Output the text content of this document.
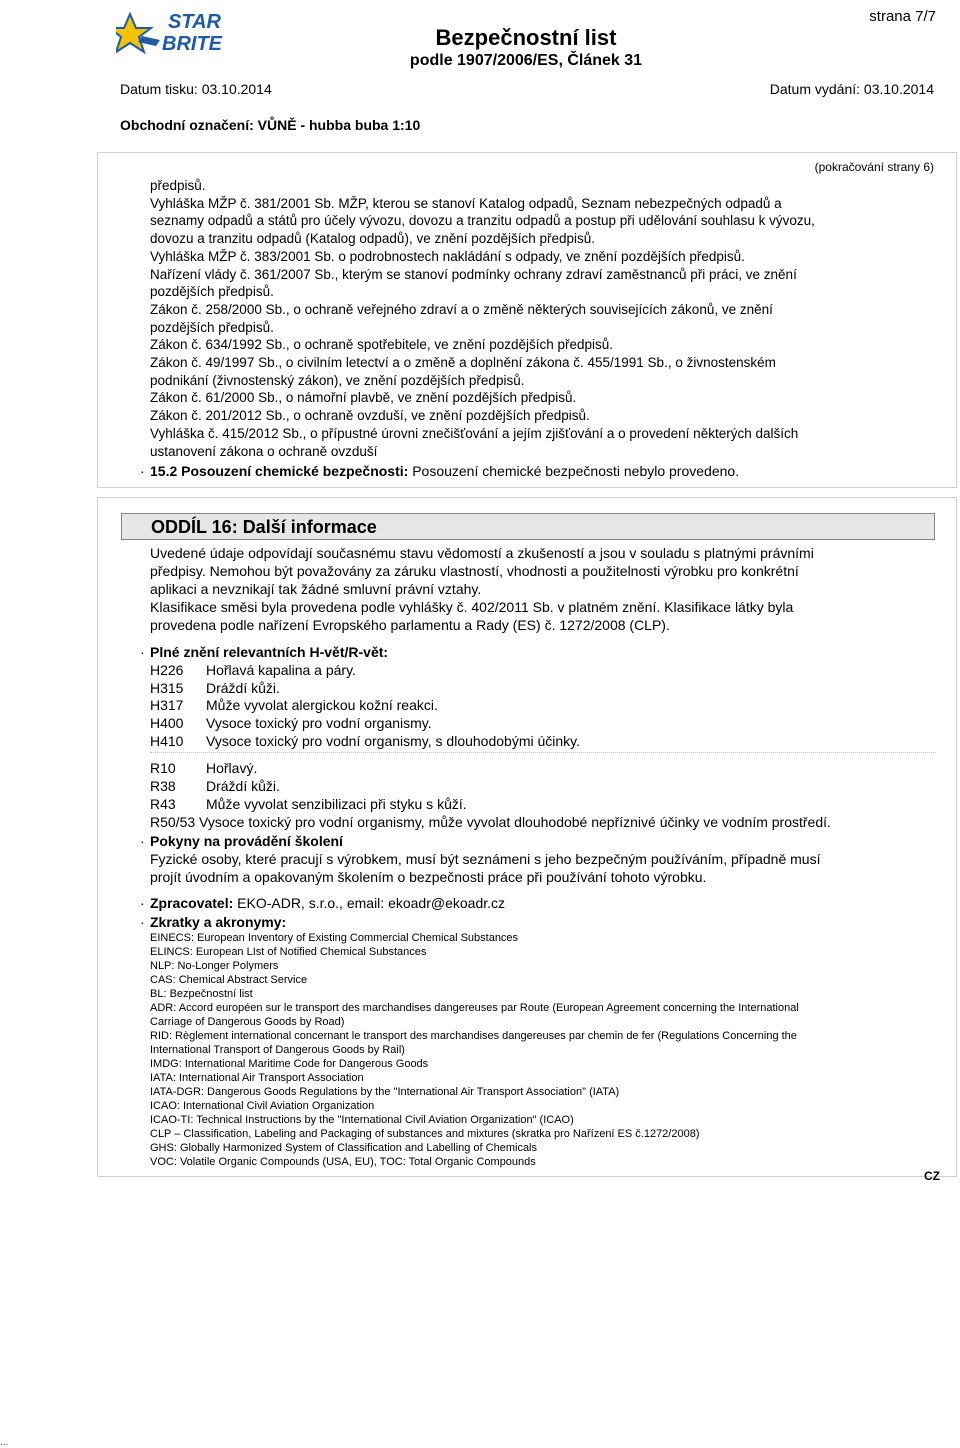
STAR
BRITE
strana 7/7
Bezpečnostní list
podle 1907/2006/ES, Článek 31
Datum tisku: 03.10.2014	Datum vydání: 03.10.2014
Obchodní označení: VŮNĚ - hubba buba 1:10
(pokračování strany 6)
předpisů.
Vyhláška MŽP č. 381/2001 Sb. MŽP, kterou se stanoví Katalog odpadů, Seznam nebezpečných odpadů a
seznamy odpadů a států pro účely vývozu, dovozu a tranzitu odpadů a postup při udělování souhlasu k vývozu,
dovozu a tranzitu odpadů (Katalog odpadů), ve znění pozdějších předpisů.
Vyhláška MŽP č. 383/2001 Sb. o podrobnostech nakládání s odpady, ve znění pozdějších předpisů.
Nařízení vlády č. 361/2007 Sb., kterým se stanoví podmínky ochrany zdraví zaměstnanců při práci, ve znění
pozdějších předpisů.
Zákon č. 258/2000 Sb., o ochraně veřejného zdraví a o změně některých souvisejících zákonů, ve znění
pozdějších předpisů.
Zákon č. 634/1992 Sb., o ochraně spotřebitele, ve znění pozdějších předpisů.
Zákon č. 49/1997 Sb., o civilním letectví a o změně a doplnění zákona č. 455/1991 Sb., o živnostenském
podnikání (živnostenský zákon), ve znění pozdějších předpisů.
Zákon č. 61/2000 Sb., o námořní plavbě, ve znění pozdějších předpisů.
Zákon č. 201/2012 Sb., o ochraně ovzduší, ve znění pozdějších předpisů.
Vyhláška č. 415/2012 Sb., o přípustné úrovni znečišťování a jejím zjišťování a o provedení některých dalších
ustanovení zákona o ochraně ovzduší
· 15.2 Posouzení chemické bezpečnosti: Posouzení chemické bezpečnosti nebylo provedeno.
ODDÍL 16: Další informace
Uvedené údaje odpovídají současnému stavu vědomostí a zkušeností a jsou v souladu s platnými právními
předpisy. Nemohou být považovány za záruku vlastností, vhodnosti a použitelnosti výrobku pro konkrétní
aplikaci a nevznikají tak žádné smluvní právní vztahy.
Klasifikace směsi byla provedena podle vyhlášky č. 402/2011 Sb. v platném znění. Klasifikace látky byla
provedena podle nařízení Evropského parlamentu a Rady (ES) č. 1272/2008 (CLP).
· Plné znění relevantních H-vět/R-vět:
H226 Hořlavá kapalina a páry.
H315 Dráždí kůži.
H317 Může vyvolat alergickou kožní reakci.
H400 Vysoce toxický pro vodní organismy.
H410 Vysoce toxický pro vodní organismy, s dlouhodobými účinky.
R10 Hořlavý.
R38 Dráždí kůži.
R43 Může vyvolat senzibilizaci při styku s kůží.
R50/53 Vysoce toxický pro vodní organismy, může vyvolat dlouhodobé nepříznivé účinky ve vodním prostředí.
· Pokyny na provádění školení
Fyzické osoby, které pracují s výrobkem, musí být seznámeni s jeho bezpečným používáním, případně musí
projít úvodním a opakovaným školením o bezpečnosti práce při používání tohoto výrobku.
· Zpracovatel: EKO-ADR, s.r.o., email: ekoadr@ekoadr.cz
· Zkratky a akronymy:
EINECS: European Inventory of Existing Commercial Chemical Substances
ELINCS: European LIst of Notified Chemical Substances
NLP: No-Longer Polymers
CAS: Chemical Abstract Service
BL: Bezpečnostní list
ADR: Accord européen sur le transport des marchandises dangereuses par Route (European Agreement concerning the International
Carriage of Dangerous Goods by Road)
RID: Règlement international concernant le transport des marchandises dangereuses par chemin de fer (Regulations Concerning the
International Transport of Dangerous Goods by Rail)
IMDG: International Maritime Code for Dangerous Goods
IATA: International Air Transport Association
IATA-DGR: Dangerous Goods Regulations by the "International Air Transport Association" (IATA)
ICAO: International Civil Aviation Organization
ICAO-TI: Technical Instructions by the "International Civil Aviation Organization" (ICAO)
CLP – Classification, Labeling and Packaging of substances and mixtures (skratka pro Nařízení ES č.1272/2008)
GHS: Globally Harmonized System of Classification and Labelling of Chemicals
VOC: Volatile Organic Compounds (USA, EU), TOC: Total Organic Compounds
CZ
...
